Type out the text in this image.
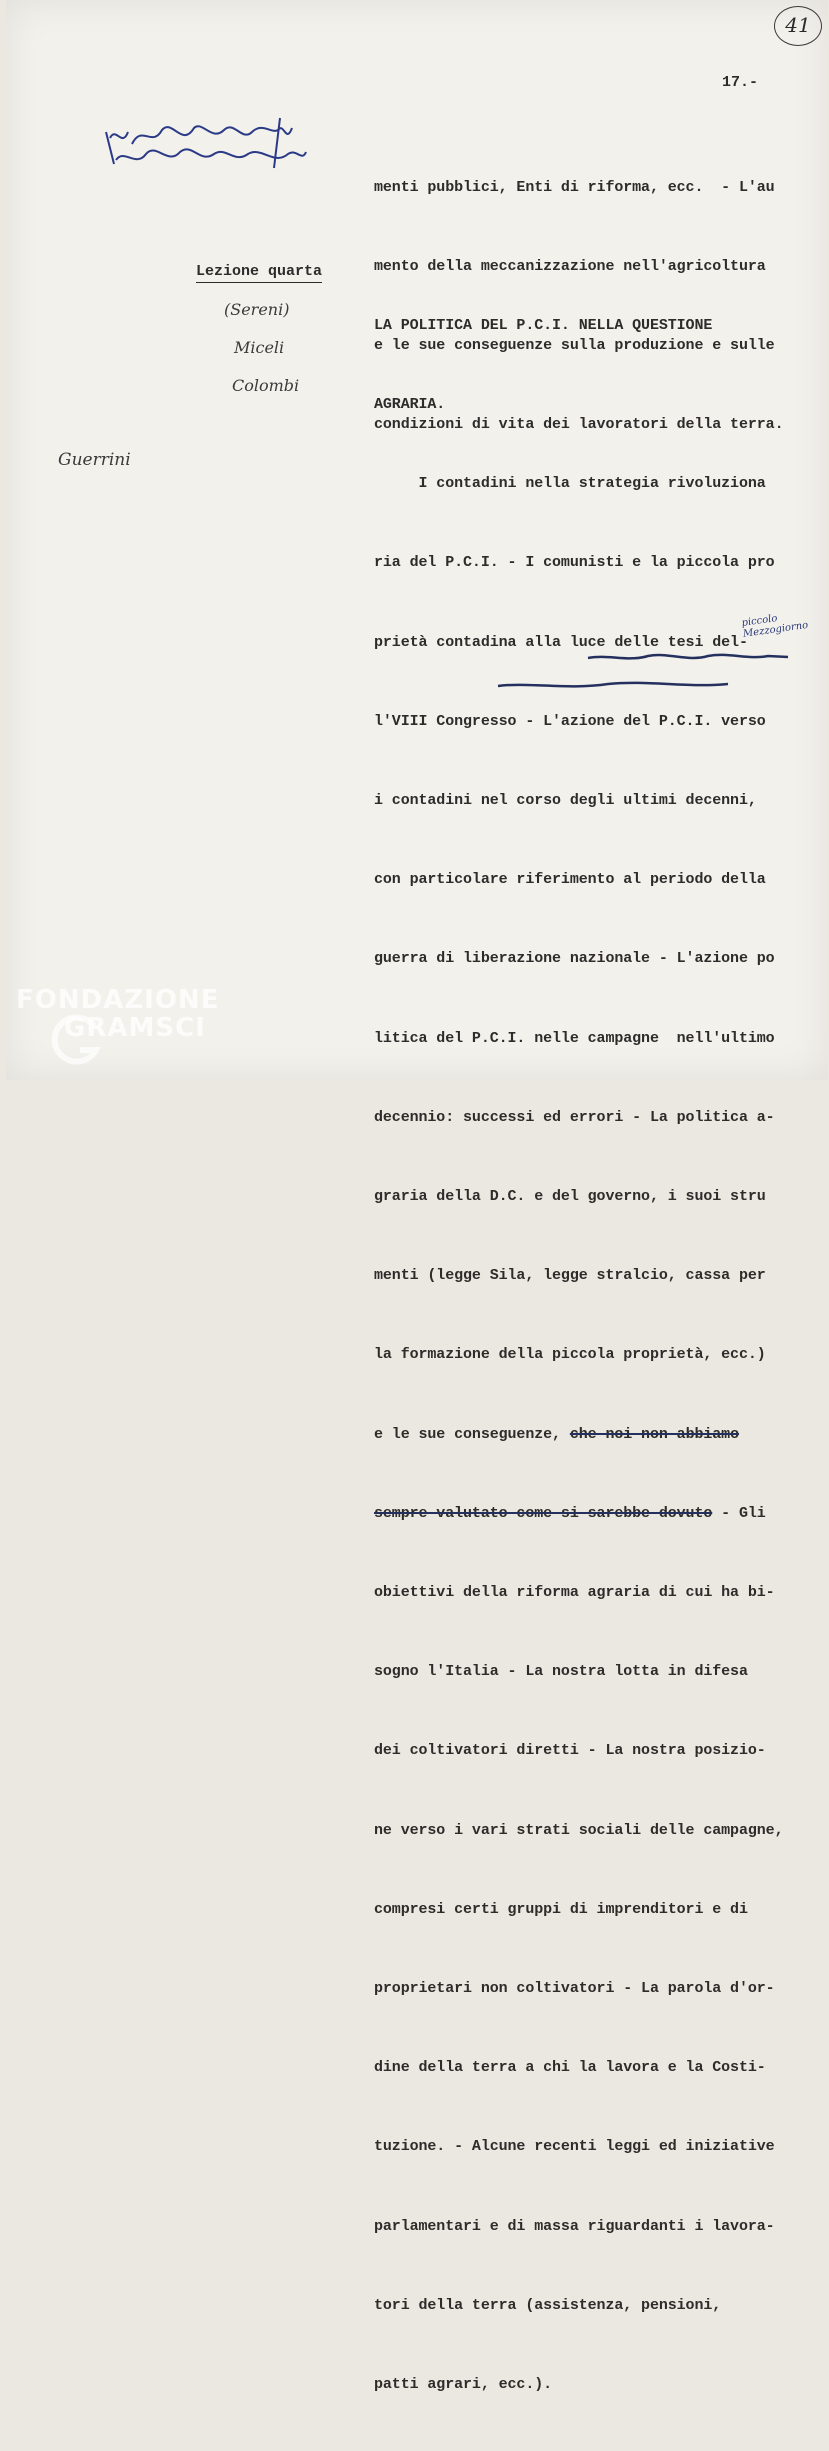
41
17.-

menti pubblici, Enti di riforma, ecc.  - L'au

mento della meccanizzazione nell'agricoltura

e le sue conseguenze sulla produzione e sulle

condizioni di vita dei lavoratori della terra.

Lezione quarta
(Sereni)
Miceli
Colombi
Guerrini

LA POLITICA DEL P.C.I. NELLA QUESTIONE

AGRARIA.

I contadini nella strategia rivoluziona

ria del P.C.I. - I comunisti e la piccola pro

prietà contadina alla luce delle tesi del-

l'VIII Congresso - L'azione del P.C.I. verso

i contadini nel corso degli ultimi decenni,

con particolare riferimento al periodo della

guerra di liberazione nazionale - L'azione po

litica del P.C.I. nelle campagne  nell'ultimo

decennio: successi ed errori - La politica a-

graria della D.C. e del governo, i suoi stru

menti (legge Sila, legge stralcio, cassa per

la formazione della piccola proprietà, ecc.)

e le sue conseguenze, che noi non abbiamo

sempre valutato come si sarebbe dovuto - Gli

obiettivi della riforma agraria di cui ha bi-

sogno l'Italia - La nostra lotta in difesa

dei coltivatori diretti - La nostra posizio-

ne verso i vari strati sociali delle campagne,

compresi certi gruppi di imprenditori e di

proprietari non coltivatori - La parola d'or-

dine della terra a chi la lavora e la Costi-

tuzione. - Alcune recenti leggi ed iniziative

parlamentari e di massa riguardanti i lavora-

tori della terra (assistenza, pensioni,

patti agrari, ecc.).

piccolo Mezzogiorno
FONDAZIONE
GRAMSCI
